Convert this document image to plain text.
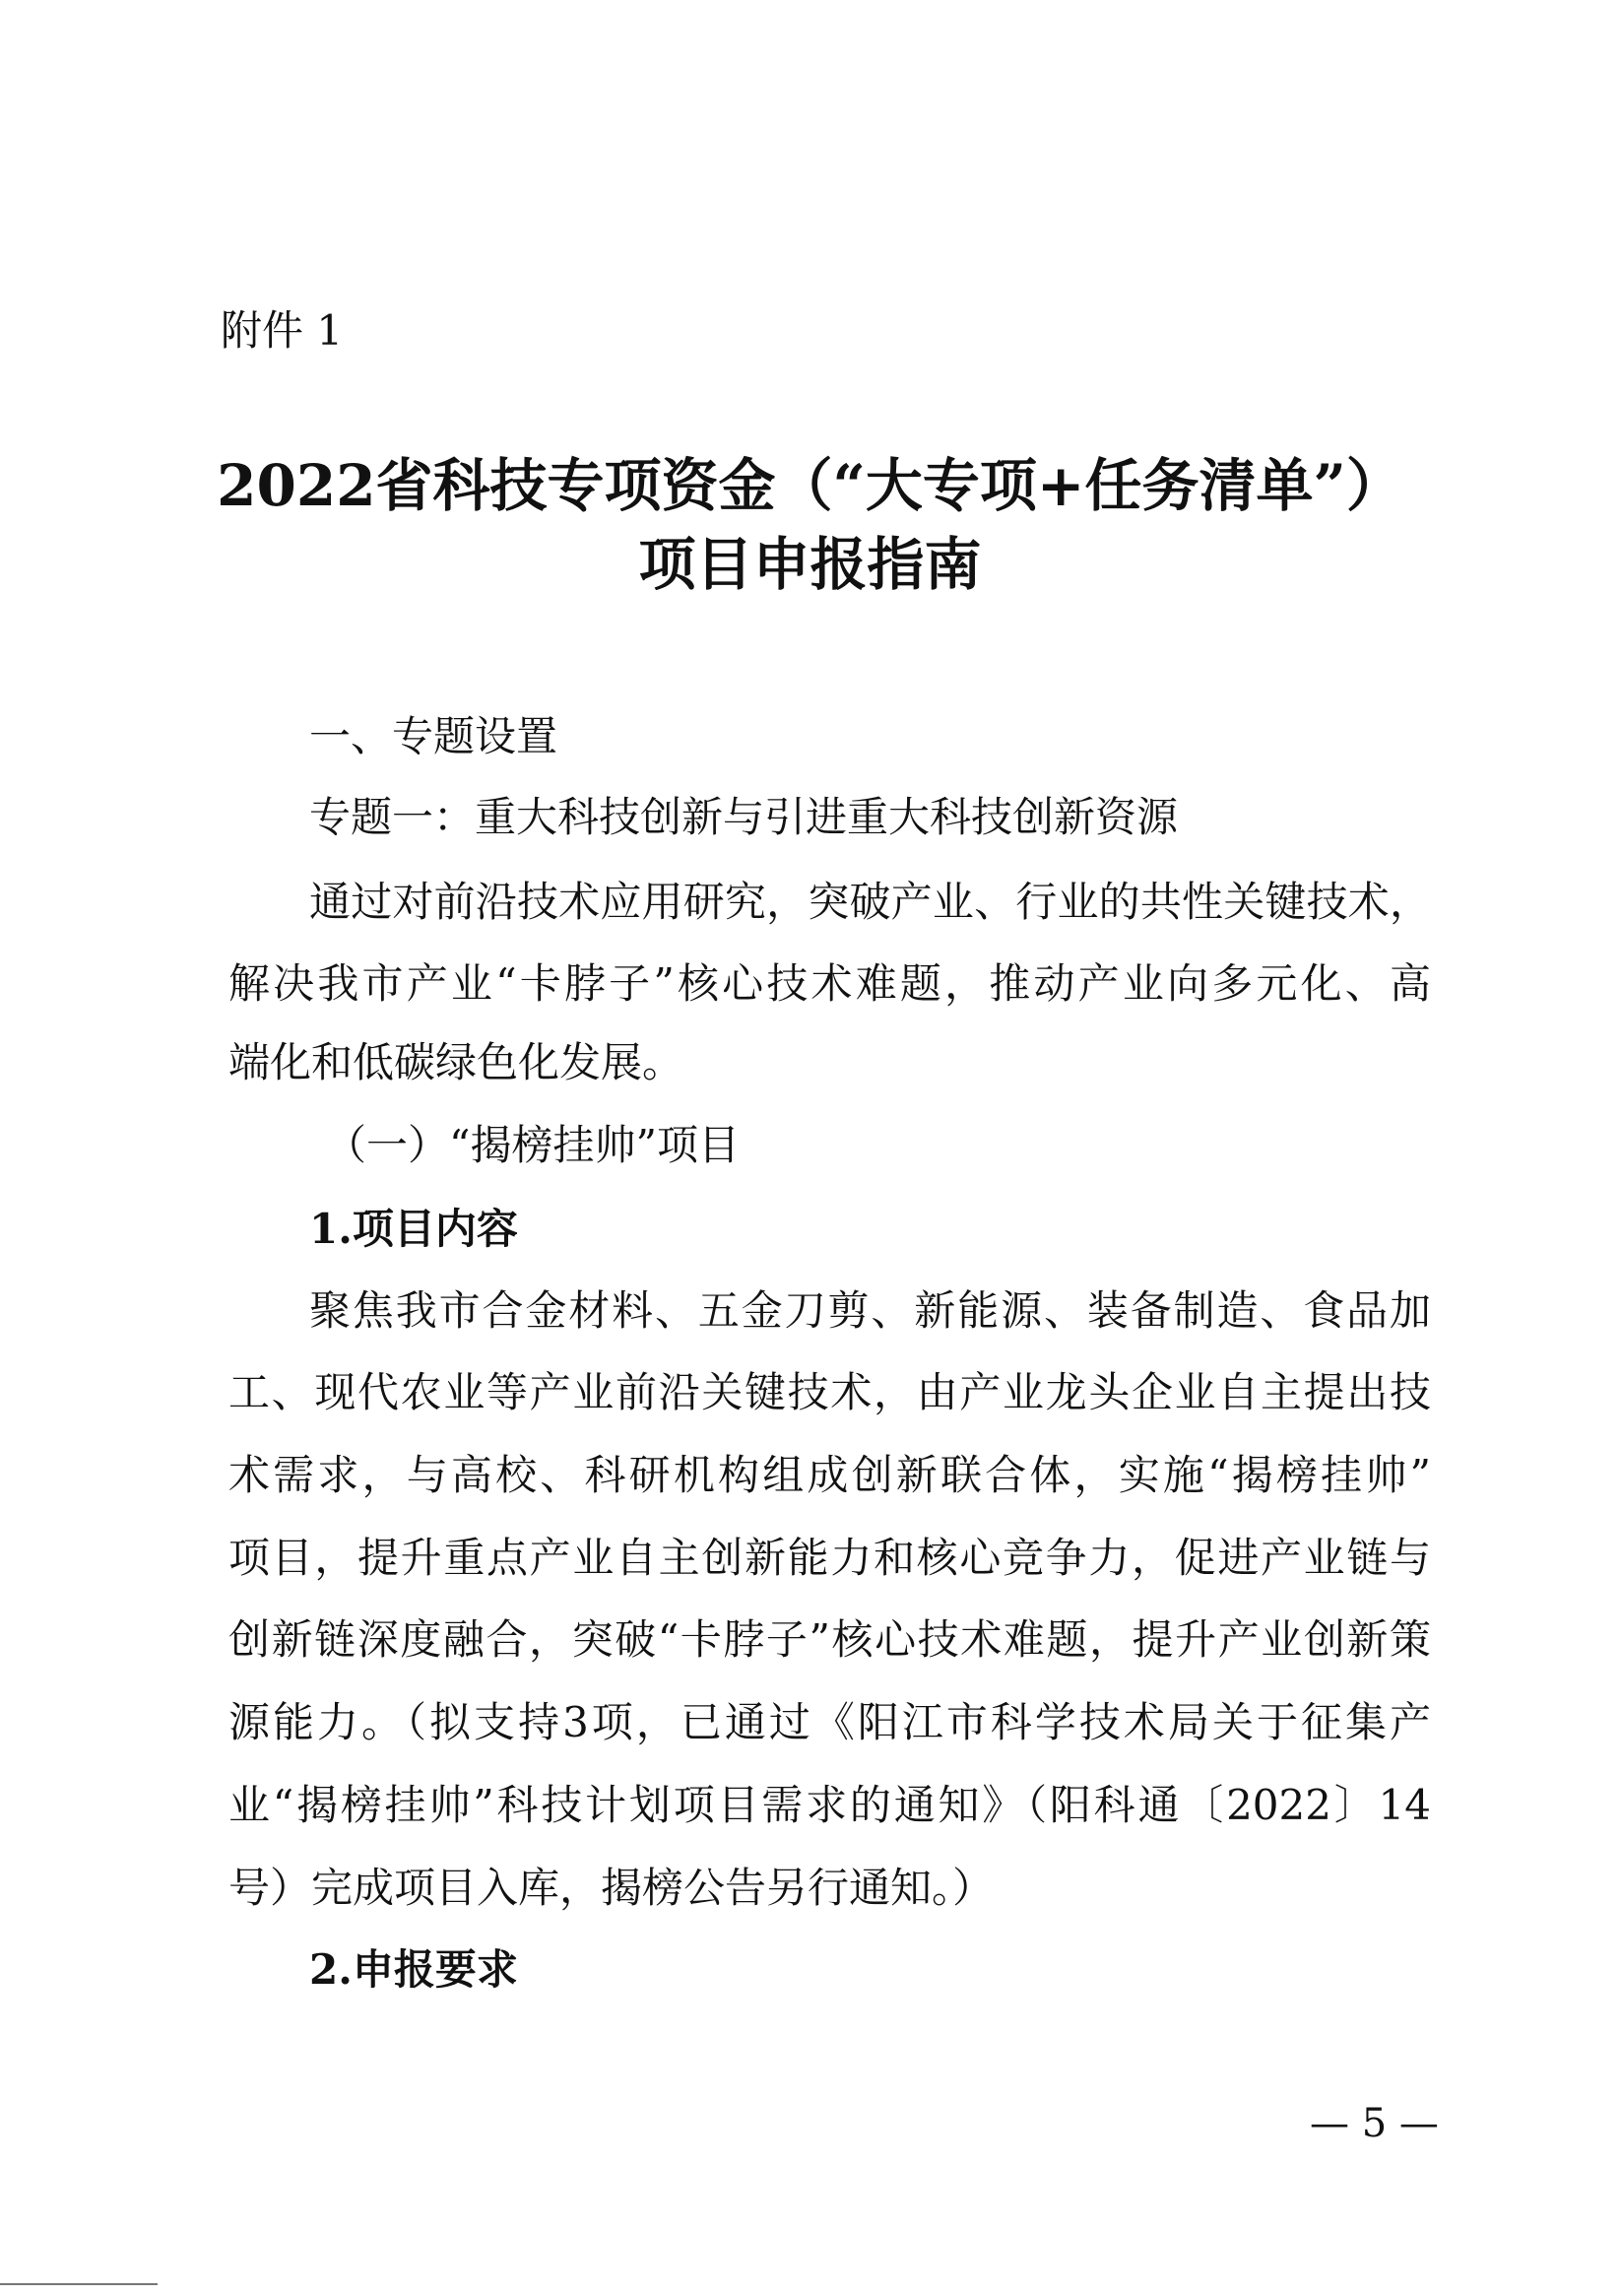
附件 1
2022省科技专项资金（“大专项+任务清单”）
项目申报指南
一、专题设置
专题一：重大科技创新与引进重大科技创新资源
通过对前沿技术应用研究，突破产业、行业的共性关键技术，
解决我市产业“卡脖子”核心技术难题，推动产业向多元化、高
端化和低碳绿色化发展。
（一）“揭榜挂帅”项目
1.项目内容
聚焦我市合金材料、五金刀剪、新能源、装备制造、食品加
工、现代农业等产业前沿关键技术，由产业龙头企业自主提出技
术需求，与高校、科研机构组成创新联合体，实施“揭榜挂帅”
项目，提升重点产业自主创新能力和核心竞争力，促进产业链与
创新链深度融合，突破“卡脖子”核心技术难题，提升产业创新策
源能力。（拟支持3项，已通过《阳江市科学技术局关于征集产
业“揭榜挂帅”科技计划项目需求的通知》（阳科通〔2022〕14
号）完成项目入库，揭榜公告另行通知。）
2.申报要求
— 5 —
